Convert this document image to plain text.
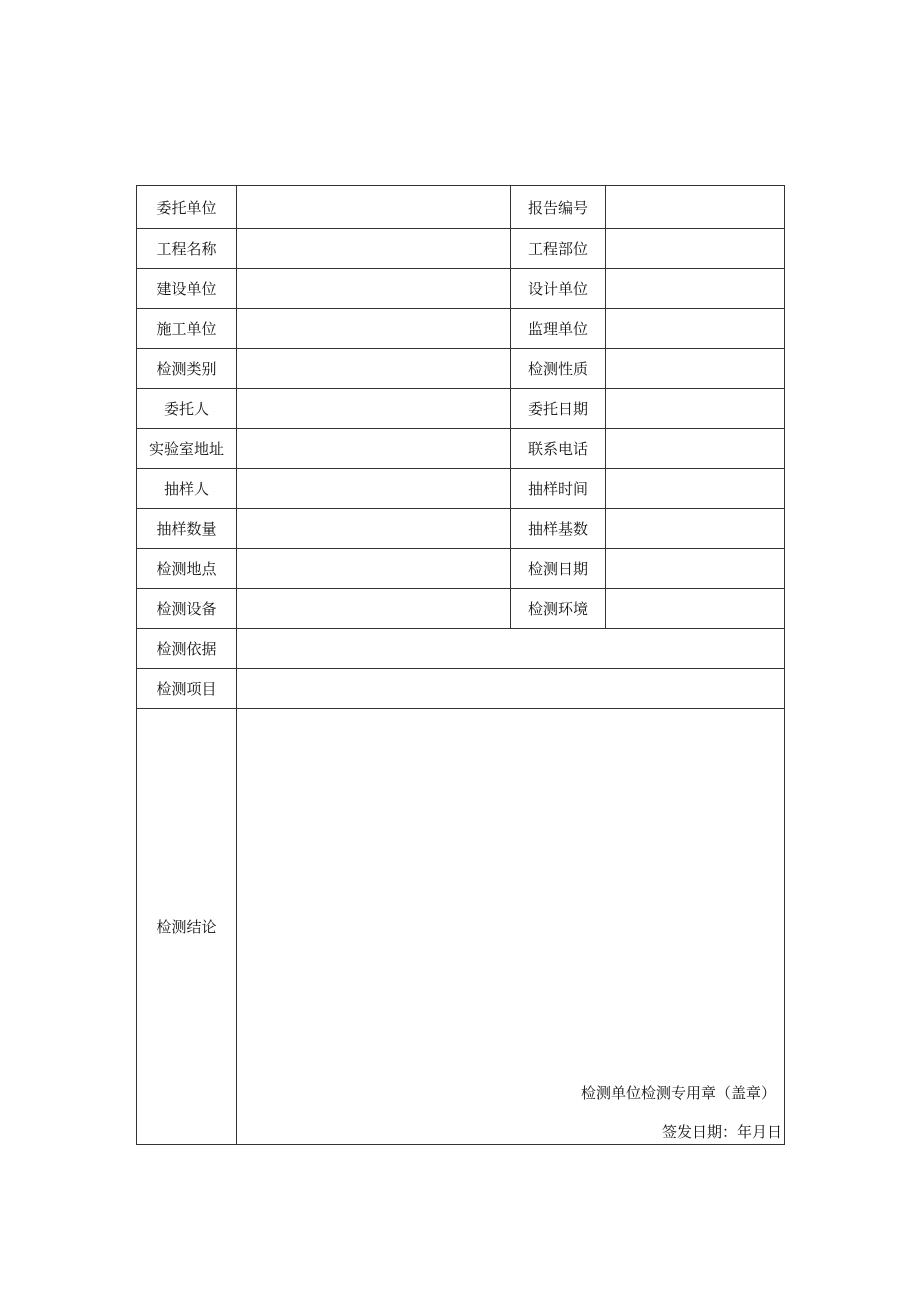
委托单位		报告编号	
工程名称		工程部位	
建设单位		设计单位	
施工单位		监理单位	
检测类别		检测性质	
委托人		委托日期	
实验室地址		联系电话	
抽样人		抽样时间	
抽样数量		抽样基数	
检测地点		检测日期	
检测设备		检测环境	
检测依据			
检测项目			
检测结论	检测单位检测专用章（盖章）
签发日期：年月日		
